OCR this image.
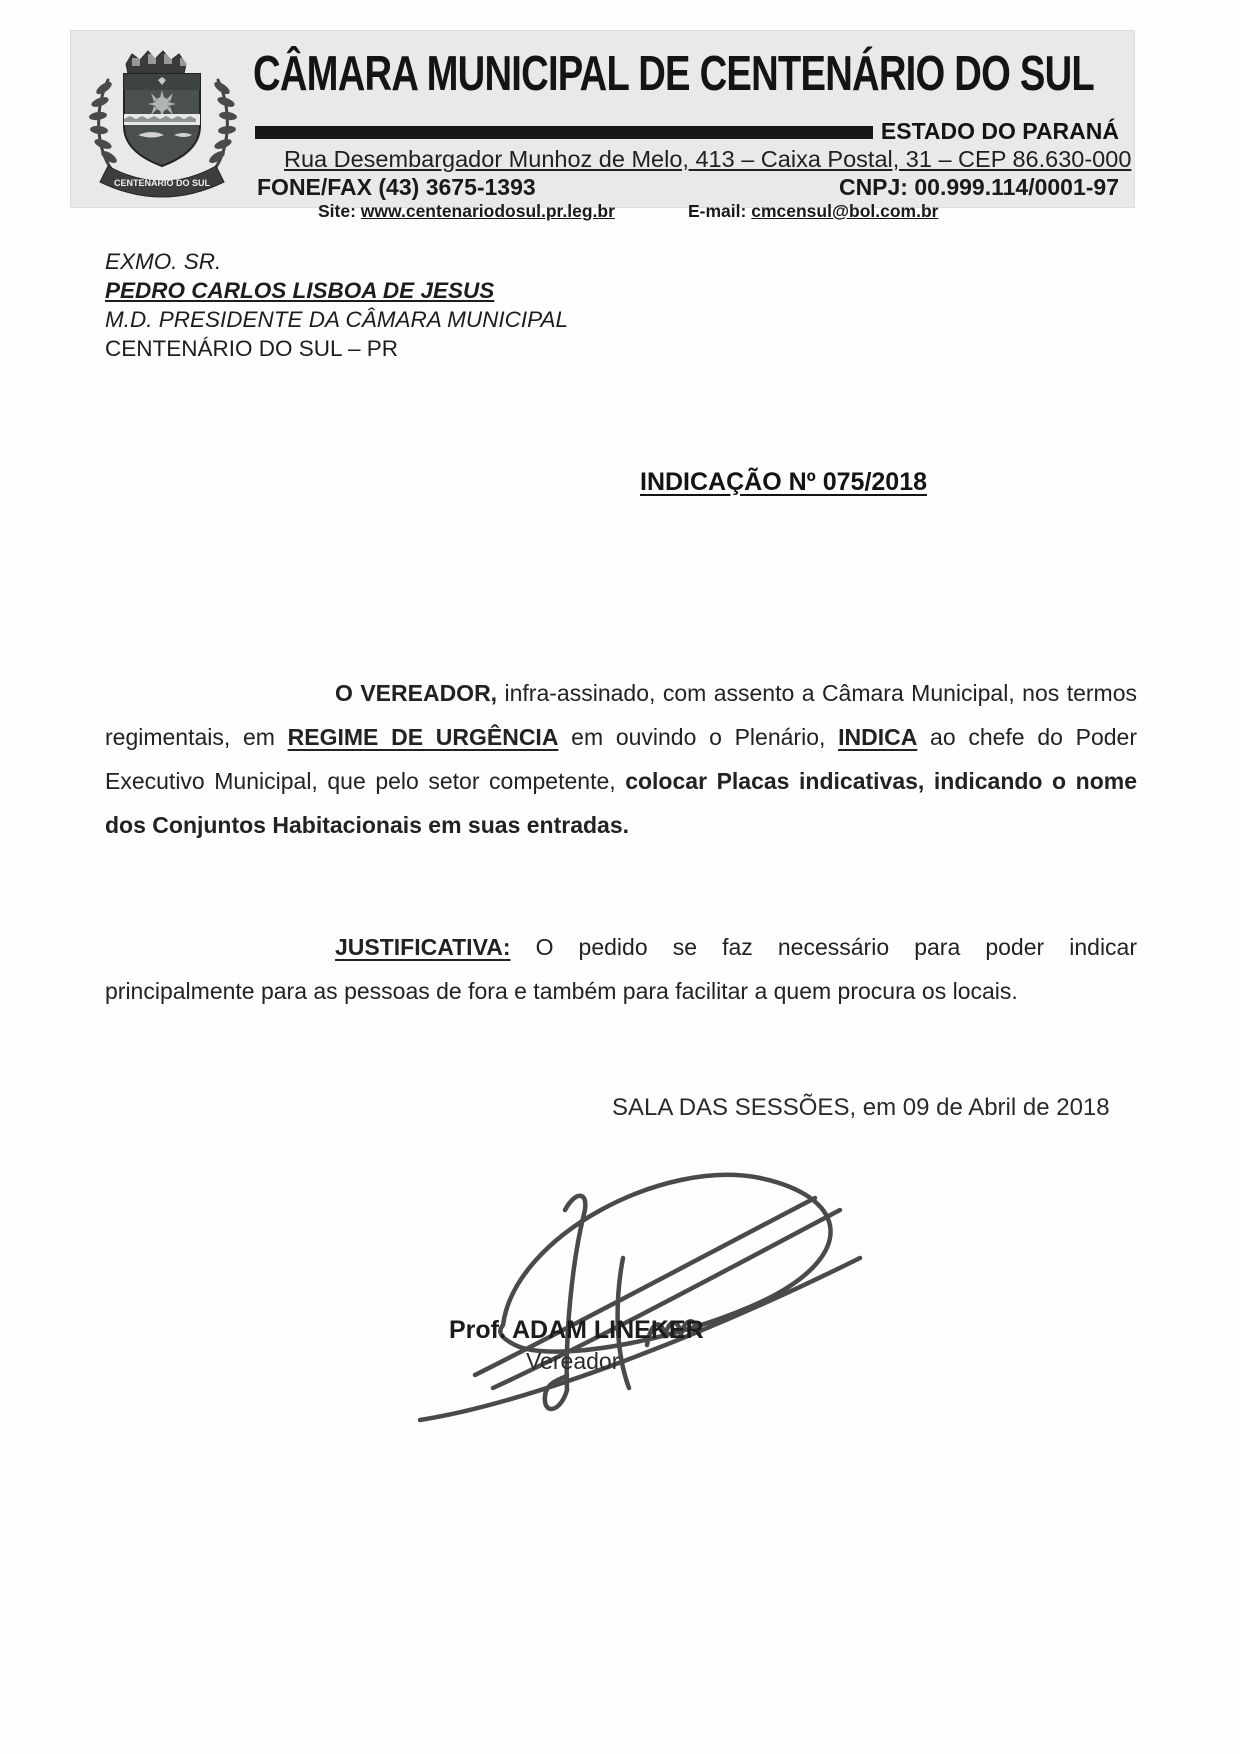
CENTENÁRIO DO SUL
CÂMARA MUNICIPAL DE CENTENÁRIO DO SUL
ESTADO DO PARANÁ
Rua Desembargador Munhoz de Melo, 413 – Caixa Postal, 31 – CEP 86.630-000
FONE/FAX (43) 3675-1393	CNPJ: 00.999.114/0001-97
Site: www.centenariodosul.pr.leg.br	E-mail: cmcensul@bol.com.br
EXMO. SR.
PEDRO CARLOS LISBOA DE JESUS
M.D. PRESIDENTE DA CÂMARA MUNICIPAL
CENTENÁRIO DO SUL – PR
INDICAÇÃO Nº 075/2018

O VEREADOR, infra-assinado, com assento a Câmara Municipal, nos termos regimentais, em REGIME DE URGÊNCIA em ouvindo o Plenário, INDICA ao chefe do Poder Executivo Municipal, que pelo setor competente, colocar Placas indicativas, indicando o nome dos Conjuntos Habitacionais em suas entradas.

JUSTIFICATIVA: O pedido se faz necessário para poder indicar principalmente para as pessoas de fora e também para facilitar a quem procura os locais.

SALA DAS SESSÕES, em 09 de Abril de 2018
Prof. ADAM LINEKER
Vereador
